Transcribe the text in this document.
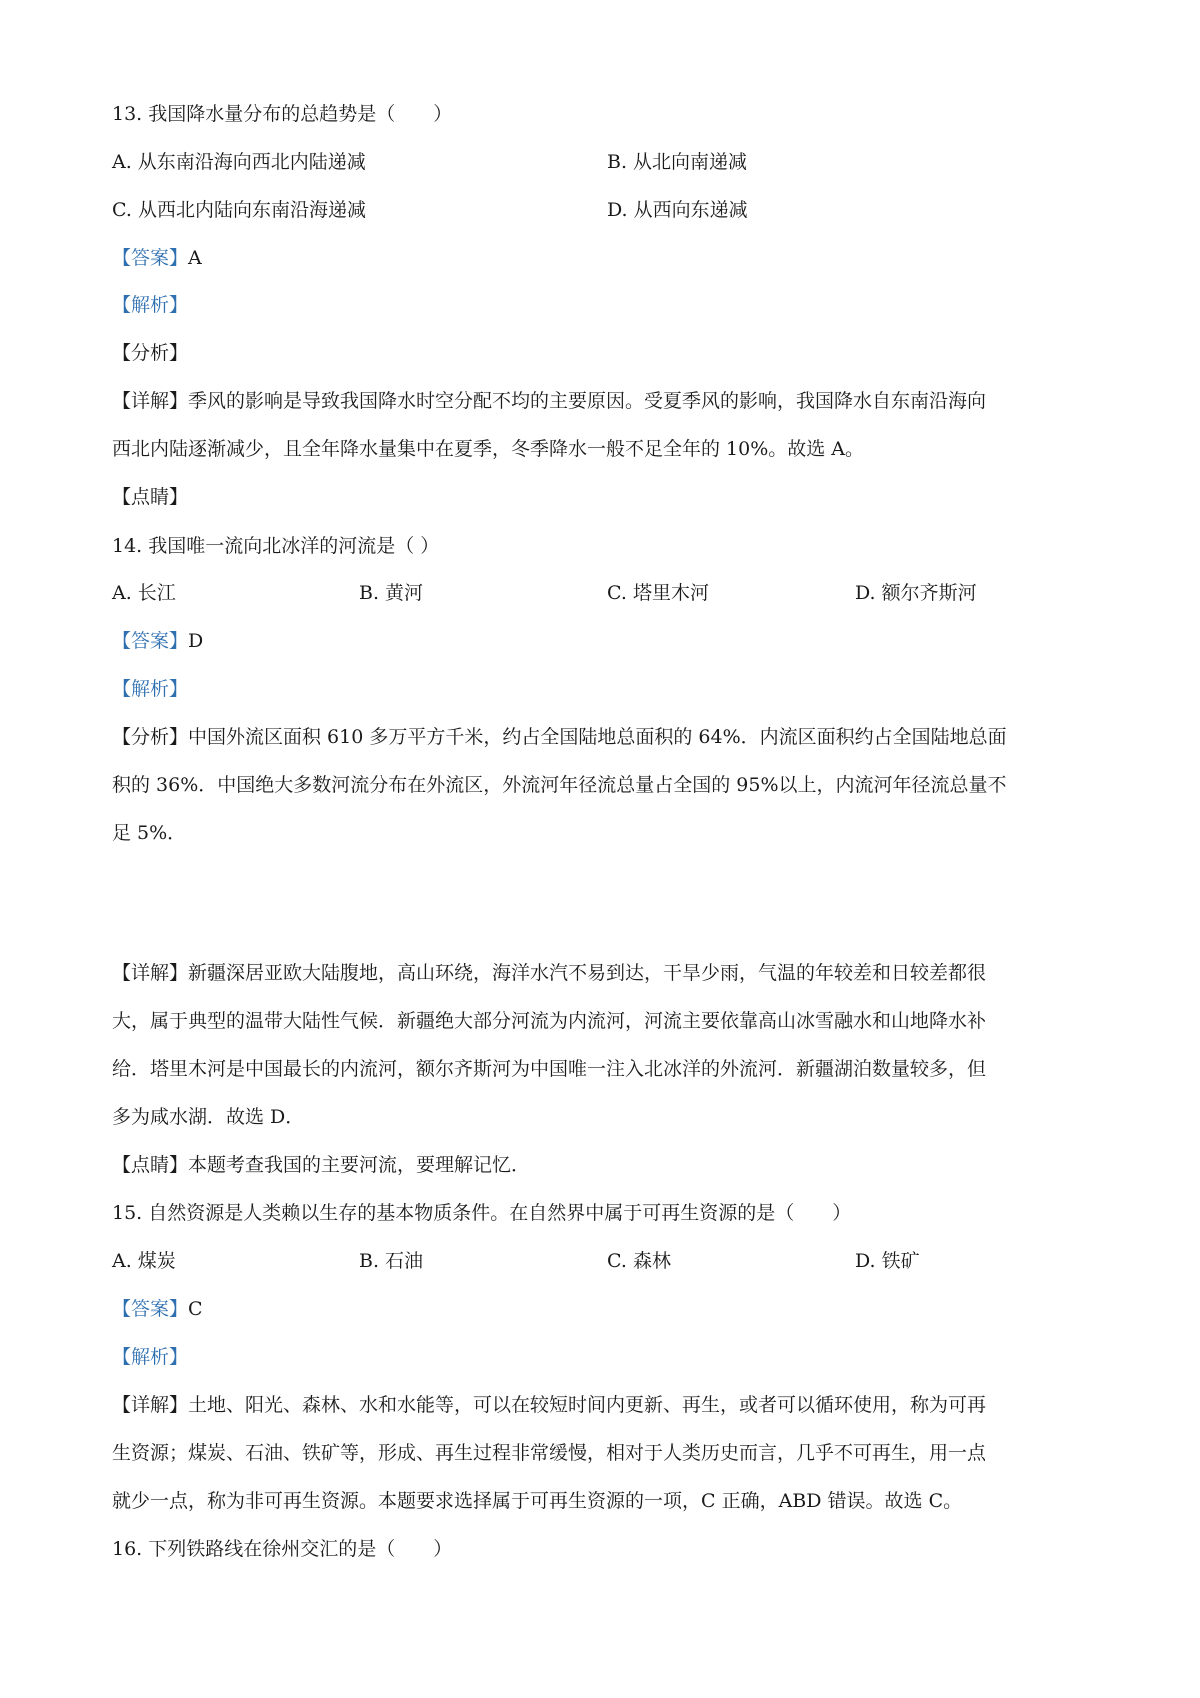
13. 我国降水量分布的总趋势是（　　）
A. 从东南沿海向西北内陆递减	B. 从北向南递减
C. 从西北内陆向东南沿海递减	D. 从西向东递减
【答案】A
【解析】
【分析】
【详解】季风的影响是导致我国降水时空分配不均的主要原因。受夏季风的影响，我国降水自东南沿海向
西北内陆逐渐减少，且全年降水量集中在夏季，冬季降水一般不足全年的 10%。故选 A。
【点睛】
14. 我国唯一流向北冰洋的河流是（ ）
A. 长江	B. 黄河	C. 塔里木河	D. 额尔齐斯河
【答案】D
【解析】
【分析】中国外流区面积 610 多万平方千米，约占全国陆地总面积的 64%．内流区面积约占全国陆地总面
积的 36%．中国绝大多数河流分布在外流区，外流河年径流总量占全国的 95%以上，内流河年径流总量不
足 5%．
【详解】新疆深居亚欧大陆腹地，高山环绕，海洋水汽不易到达，干旱少雨，气温的年较差和日较差都很
大，属于典型的温带大陆性气候．新疆绝大部分河流为内流河，河流主要依靠高山冰雪融水和山地降水补
给．塔里木河是中国最长的内流河，额尔齐斯河为中国唯一注入北冰洋的外流河．新疆湖泊数量较多，但
多为咸水湖．故选 D．
【点睛】本题考查我国的主要河流，要理解记忆．
15. 自然资源是人类赖以生存的基本物质条件。在自然界中属于可再生资源的是（　　）
A. 煤炭	B. 石油	C. 森林	D. 铁矿
【答案】C
【解析】
【详解】土地、阳光、森林、水和水能等，可以在较短时间内更新、再生，或者可以循环使用，称为可再
生资源；煤炭、石油、铁矿等，形成、再生过程非常缓慢，相对于人类历史而言，几乎不可再生，用一点
就少一点，称为非可再生资源。本题要求选择属于可再生资源的一项，C 正确，ABD 错误。故选 C。
16. 下列铁路线在徐州交汇的是（　　）
